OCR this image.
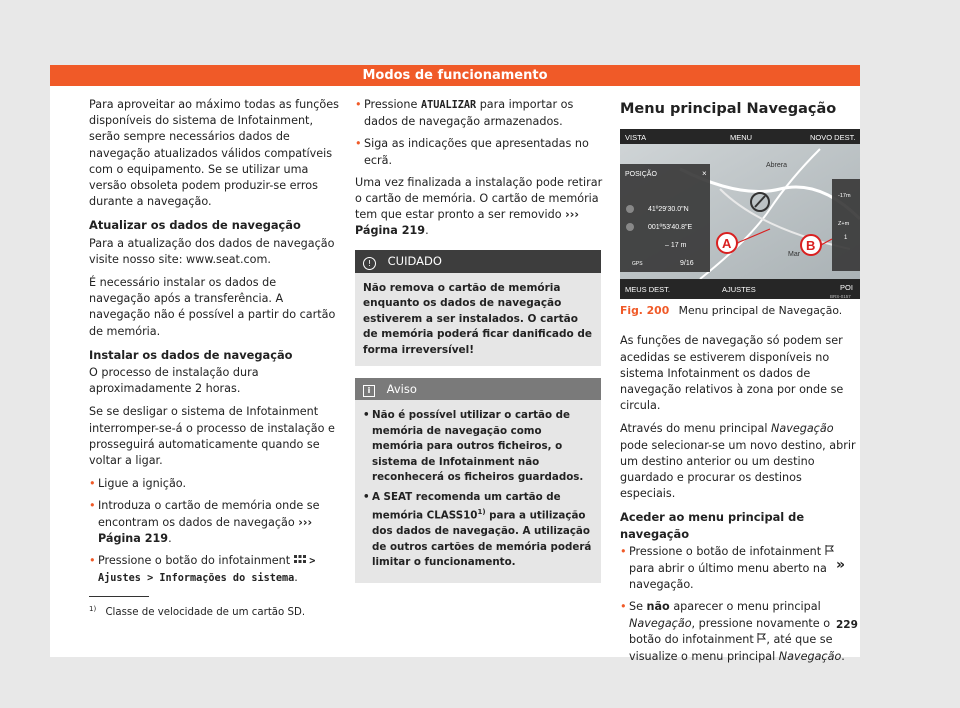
Modos de funcionamento

Para aproveitar ao máximo todas as funções disponíveis do sistema de Infotainment, serão sempre necessários dados de navegação atualizados válidos compatíveis com o equipamento. Se se utilizar uma versão obsoleta podem produzir-se erros durante a navegação.

Atualizar os dados de navegação

Para a atualização dos dados de navegação visite nosso site: www.seat.com.

É necessário instalar os dados de navegação após a transferência. A navegação não é possível a partir do cartão de memória.

Instalar os dados de navegação

O processo de instalação dura aproximadamente 2 horas.

Se se desligar o sistema de Infotainment interromper-se-á o processo de instalação e prosseguirá automaticamente quando se voltar a ligar.

• Ligue a ignição.
• Introduza o cartão de memória onde se encontram os dados de navegação ››› Página 219.
• Pressione o botão do infotainment > Ajustes > Informações do sistema.
• Pressione ATUALIZAR para importar os dados de navegação armazenados.
• Siga as indicações que apresentadas no ecrã.

Uma vez finalizada a instalação pode retirar o cartão de memória. O cartão de memória tem que estar pronto a ser removido ››› Página 219.

! CUIDADO
Não remova o cartão de memória enquanto os dados de navegação estiverem a ser instalados. O cartão de memória poderá ficar danificado de forma irreversível!
i Aviso
• Não é possível utilizar o cartão de memória de navegação como memória para outros ficheiros, o sistema de Infotainment não reconhecerá os ficheiros guardados.
• A SEAT recomenda um cartão de memória CLASS10$^{1)}$ para a utilização dos dados de navegação. A utilização de outros cartões de memória poderá limitar o funcionamento.
Menu principal Navegação
VISTA	MENU	NOVO DEST.
POSIÇÃO	×
41º29'30.0"N
001º53'40.8"E
– 17 m
9/16
GPS
Abrera
Mar
A	B
-17m
Z+m
1
MEUS DEST.	AJUSTES	POI
BRS-0157
Fig. 200 Menu principal de Navegação.

As funções de navegação só podem ser acedidas se estiverem disponíveis no sistema Infotainment os dados de navegação relativos à zona por onde se circula.

Através do menu principal Navegação pode selecionar-se um novo destino, abrir um destino anterior ou um destino guardado e procurar os destinos especiais.

Aceder ao menu principal de navegação
• Pressione o botão de infotainment  para abrir o último menu aberto na navegação.
• Se não aparecer o menu principal Navegação, pressione novamente o botão do infotainment , até que se visualize o menu principal Navegação.
»
$^{1)}$ Classe de velocidade de um cartão SD.
229
